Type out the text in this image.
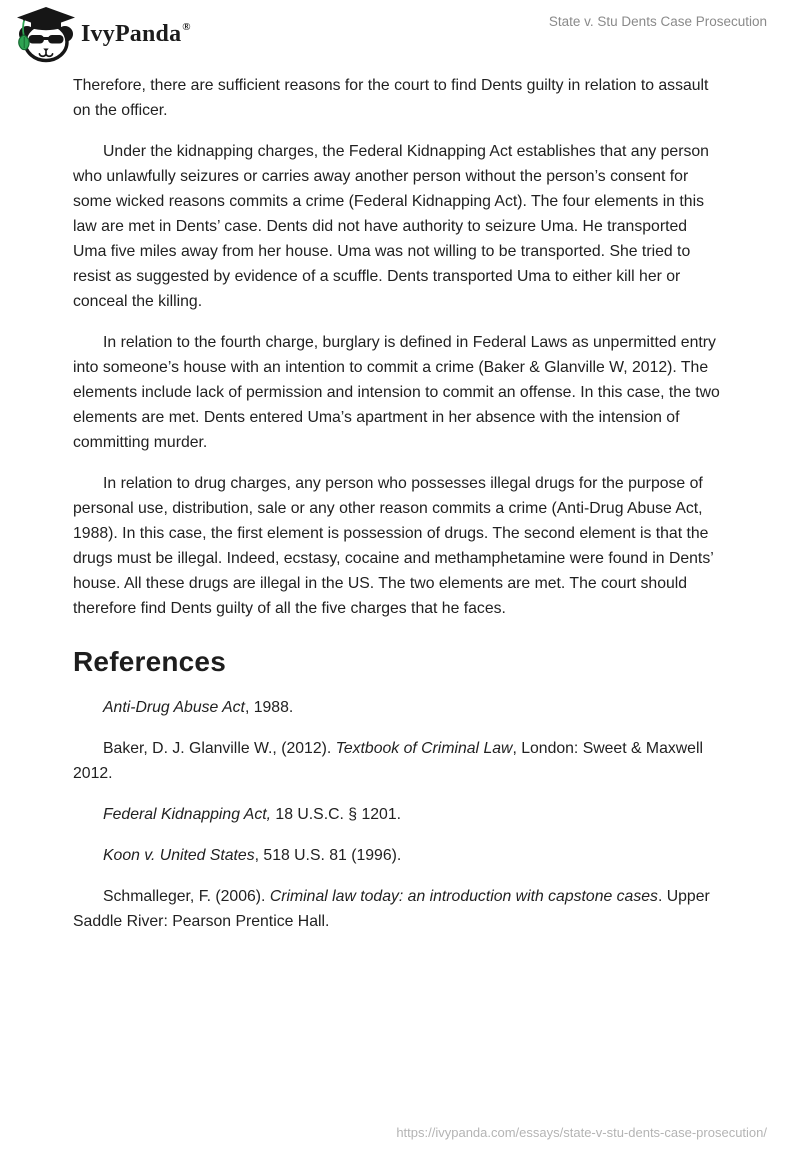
IvyPanda®	State v. Stu Dents Case Prosecution

Therefore, there are sufficient reasons for the court to find Dents guilty in relation to assault on the officer.

Under the kidnapping charges, the Federal Kidnapping Act establishes that any person who unlawfully seizures or carries away another person without the person’s consent for some wicked reasons commits a crime (Federal Kidnapping Act). The four elements in this law are met in Dents’ case. Dents did not have authority to seizure Uma. He transported Uma five miles away from her house. Uma was not willing to be transported. She tried to resist as suggested by evidence of a scuffle. Dents transported Uma to either kill her or conceal the killing.

In relation to the fourth charge, burglary is defined in Federal Laws as unpermitted entry into someone’s house with an intention to commit a crime (Baker & Glanville W, 2012). The elements include lack of permission and intension to commit an offense. In this case, the two elements are met. Dents entered Uma’s apartment in her absence with the intension of committing murder.

In relation to drug charges, any person who possesses illegal drugs for the purpose of personal use, distribution, sale or any other reason commits a crime (Anti-Drug Abuse Act, 1988). In this case, the first element is possession of drugs. The second element is that the drugs must be illegal. Indeed, ecstasy, cocaine and methamphetamine were found in Dents’ house. All these drugs are illegal in the US. The two elements are met. The court should therefore find Dents guilty of all the five charges that he faces.

References

Anti-Drug Abuse Act, 1988.

Baker, D. J. Glanville W., (2012). Textbook of Criminal Law, London: Sweet & Maxwell 2012.

Federal Kidnapping Act, 18 U.S.C. § 1201.

Koon v. United States, 518 U.S. 81 (1996).

Schmalleger, F. (2006). Criminal law today: an introduction with capstone cases. Upper Saddle River: Pearson Prentice Hall.

https://ivypanda.com/essays/state-v-stu-dents-case-prosecution/
